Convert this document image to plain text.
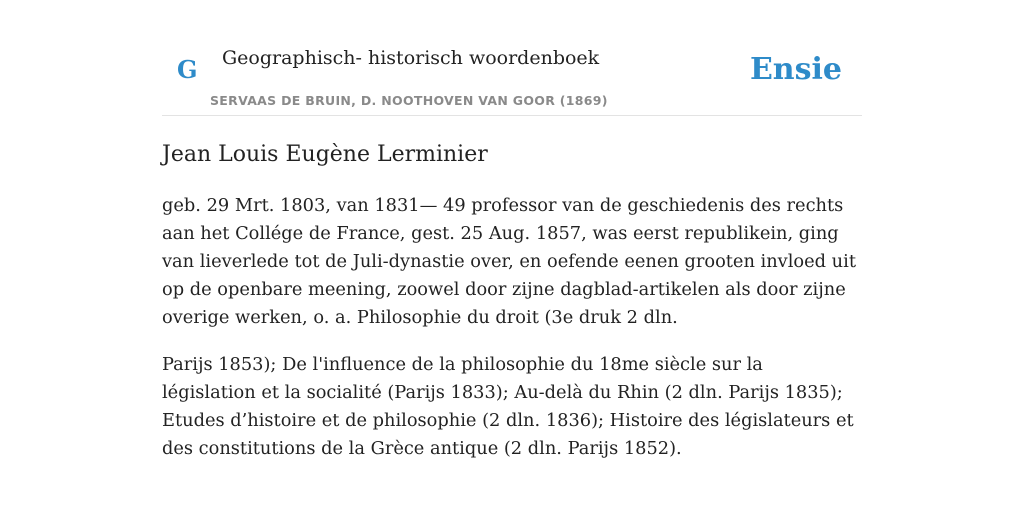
G Geographisch- historisch woordenboek
SERVAAS DE BRUIN, D. NOOTHOVEN VAN GOOR (1869)
Ensie
Jean Louis Eugène Lerminier

geb. 29 Mrt. 1803, van 1831— 49 professor van de geschiedenis des rechts aan het Collége de France, gest. 25 Aug. 1857, was eerst republikein, ging van lieverlede tot de Juli-dynastie over, en oefende eenen grooten invloed uit op de openbare meening, zoowel door zijne dagblad-artikelen als door zijne overige werken, o. a. Philosophie du droit (3e druk 2 dln.

Parijs 1853); De l'influence de la philosophie du 18me siècle sur la législation et la socialité (Parijs 1833); Au-delà du Rhin (2 dln. Parijs 1835); Etudes d’histoire et de philosophie (2 dln. 1836); Histoire des législateurs et des constitutions de la Grèce antique (2 dln. Parijs 1852).
